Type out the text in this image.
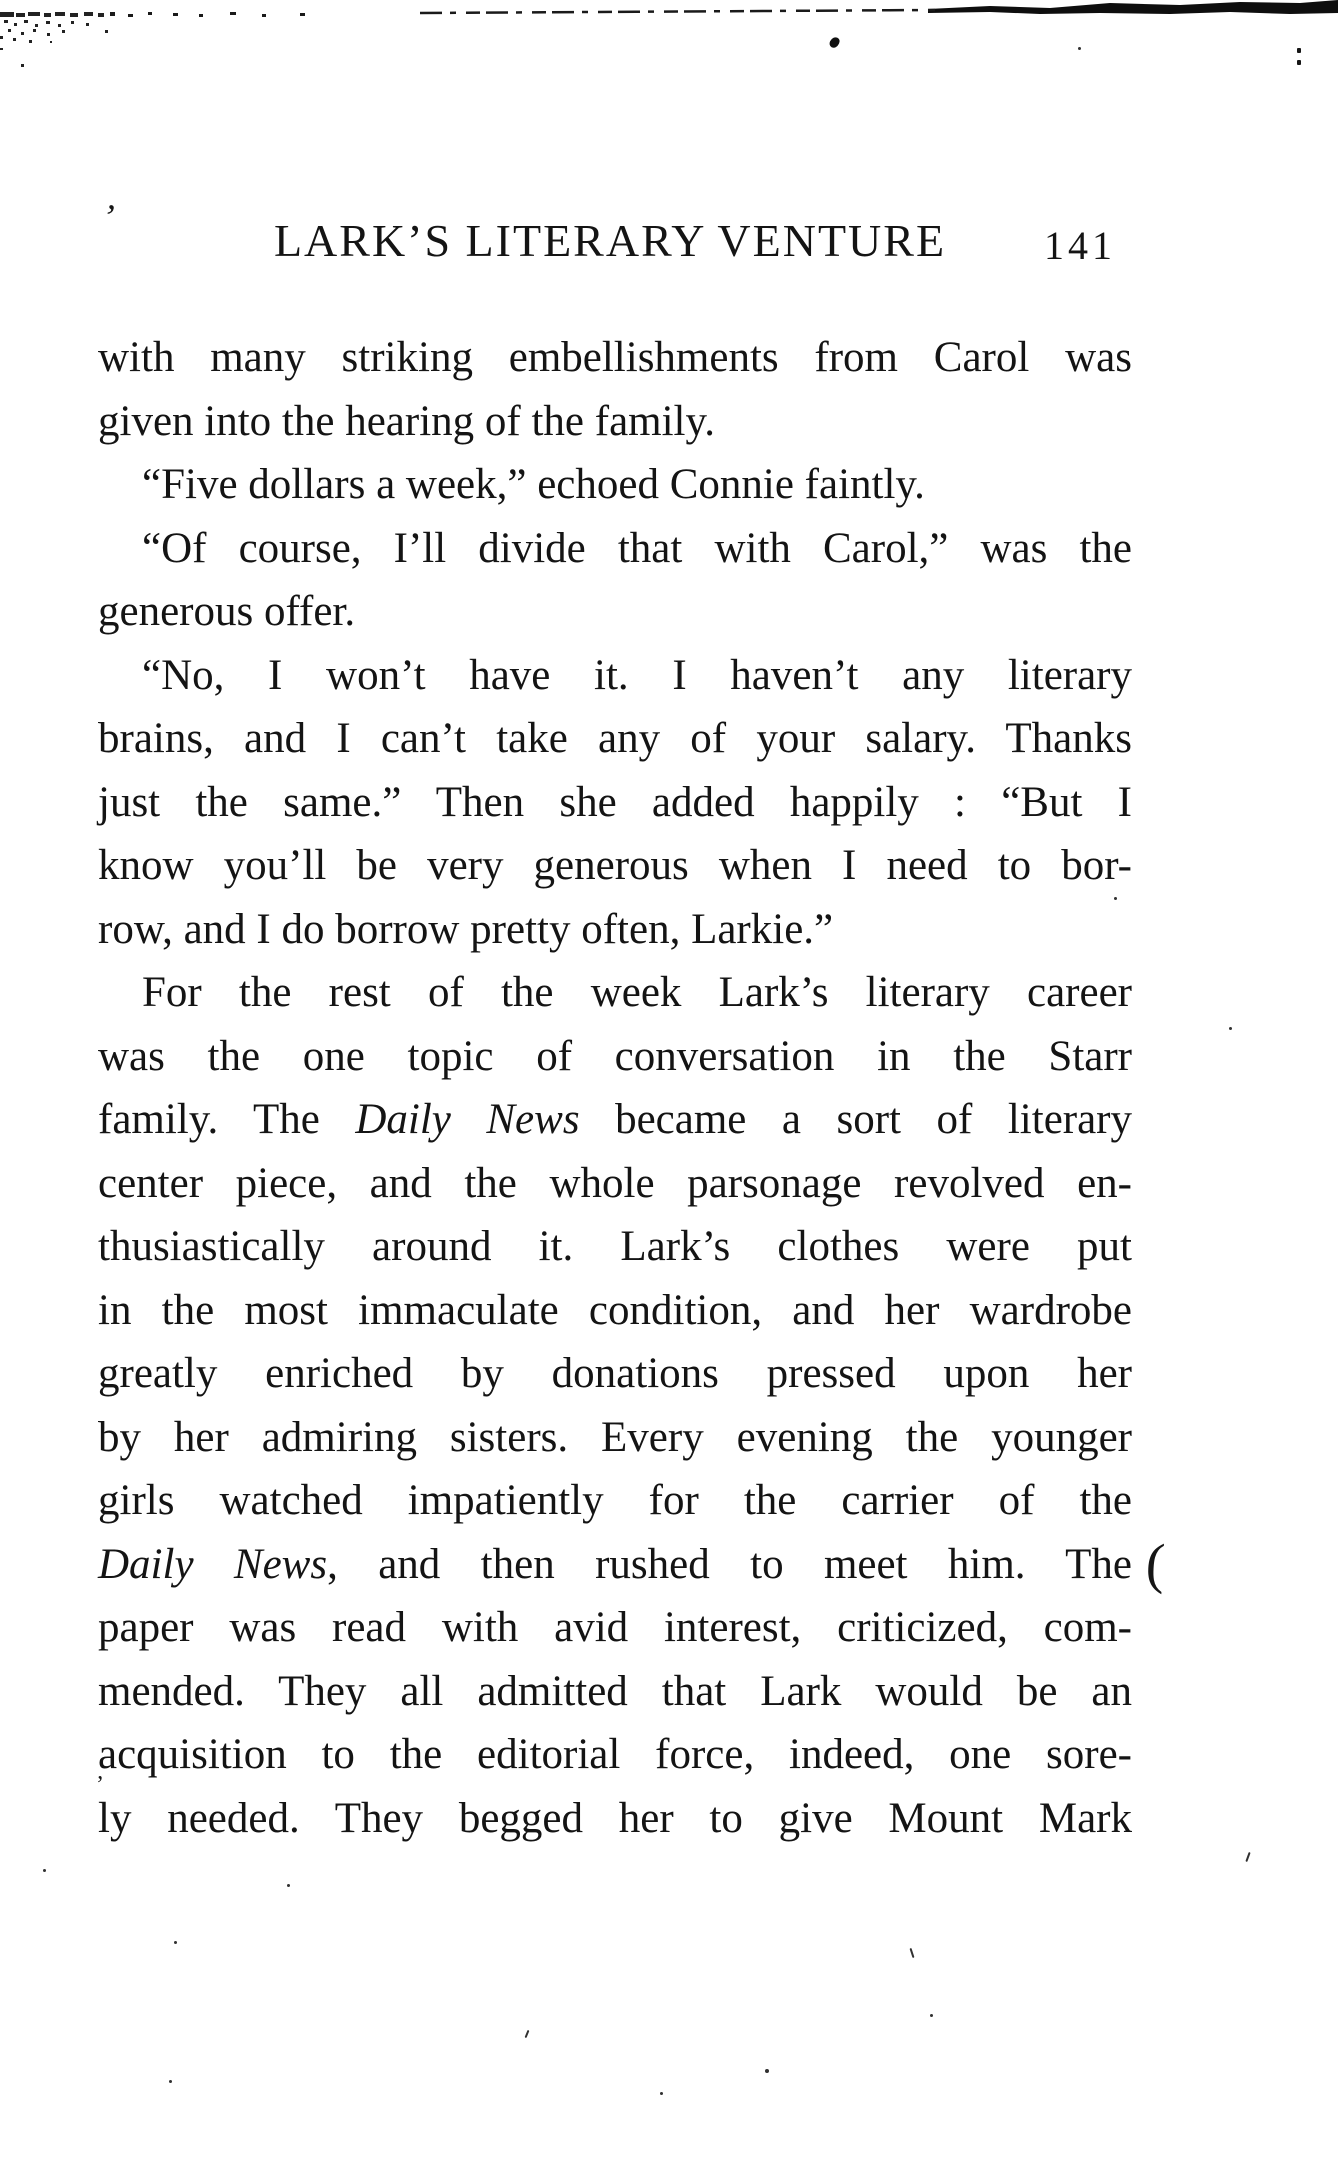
LARK’S LITERARY VENTURE	141
with many striking embellishments from Carol was
given into the hearing of the family.
“Five dollars a week,” echoed Connie faintly.
“Of course, I’ll divide that with Carol,” was the
generous offer.
“No, I won’t have it. I haven’t any literary
brains, and I can’t take any of your salary. Thanks
just the same.” Then she added happily : “But I
know you’ll be very generous when I need to bor-
row, and I do borrow pretty often, Larkie.”
For the rest of the week Lark’s literary career
was the one topic of conversation in the Starr
family. The Daily News became a sort of literary
center piece, and the whole parsonage revolved en-
thusiastically around it. Lark’s clothes were put
in the most immaculate condition, and her wardrobe
greatly enriched by donations pressed upon her
by her admiring sisters. Every evening the younger
girls watched impatiently for the carrier of the
Daily News, and then rushed to meet him. The
paper was read with avid interest, criticized, com-
mended. They all admitted that Lark would be an
acquisition to the editorial force, indeed, one sore-
ly needed. They begged her to give Mount Mark
’
(
’
